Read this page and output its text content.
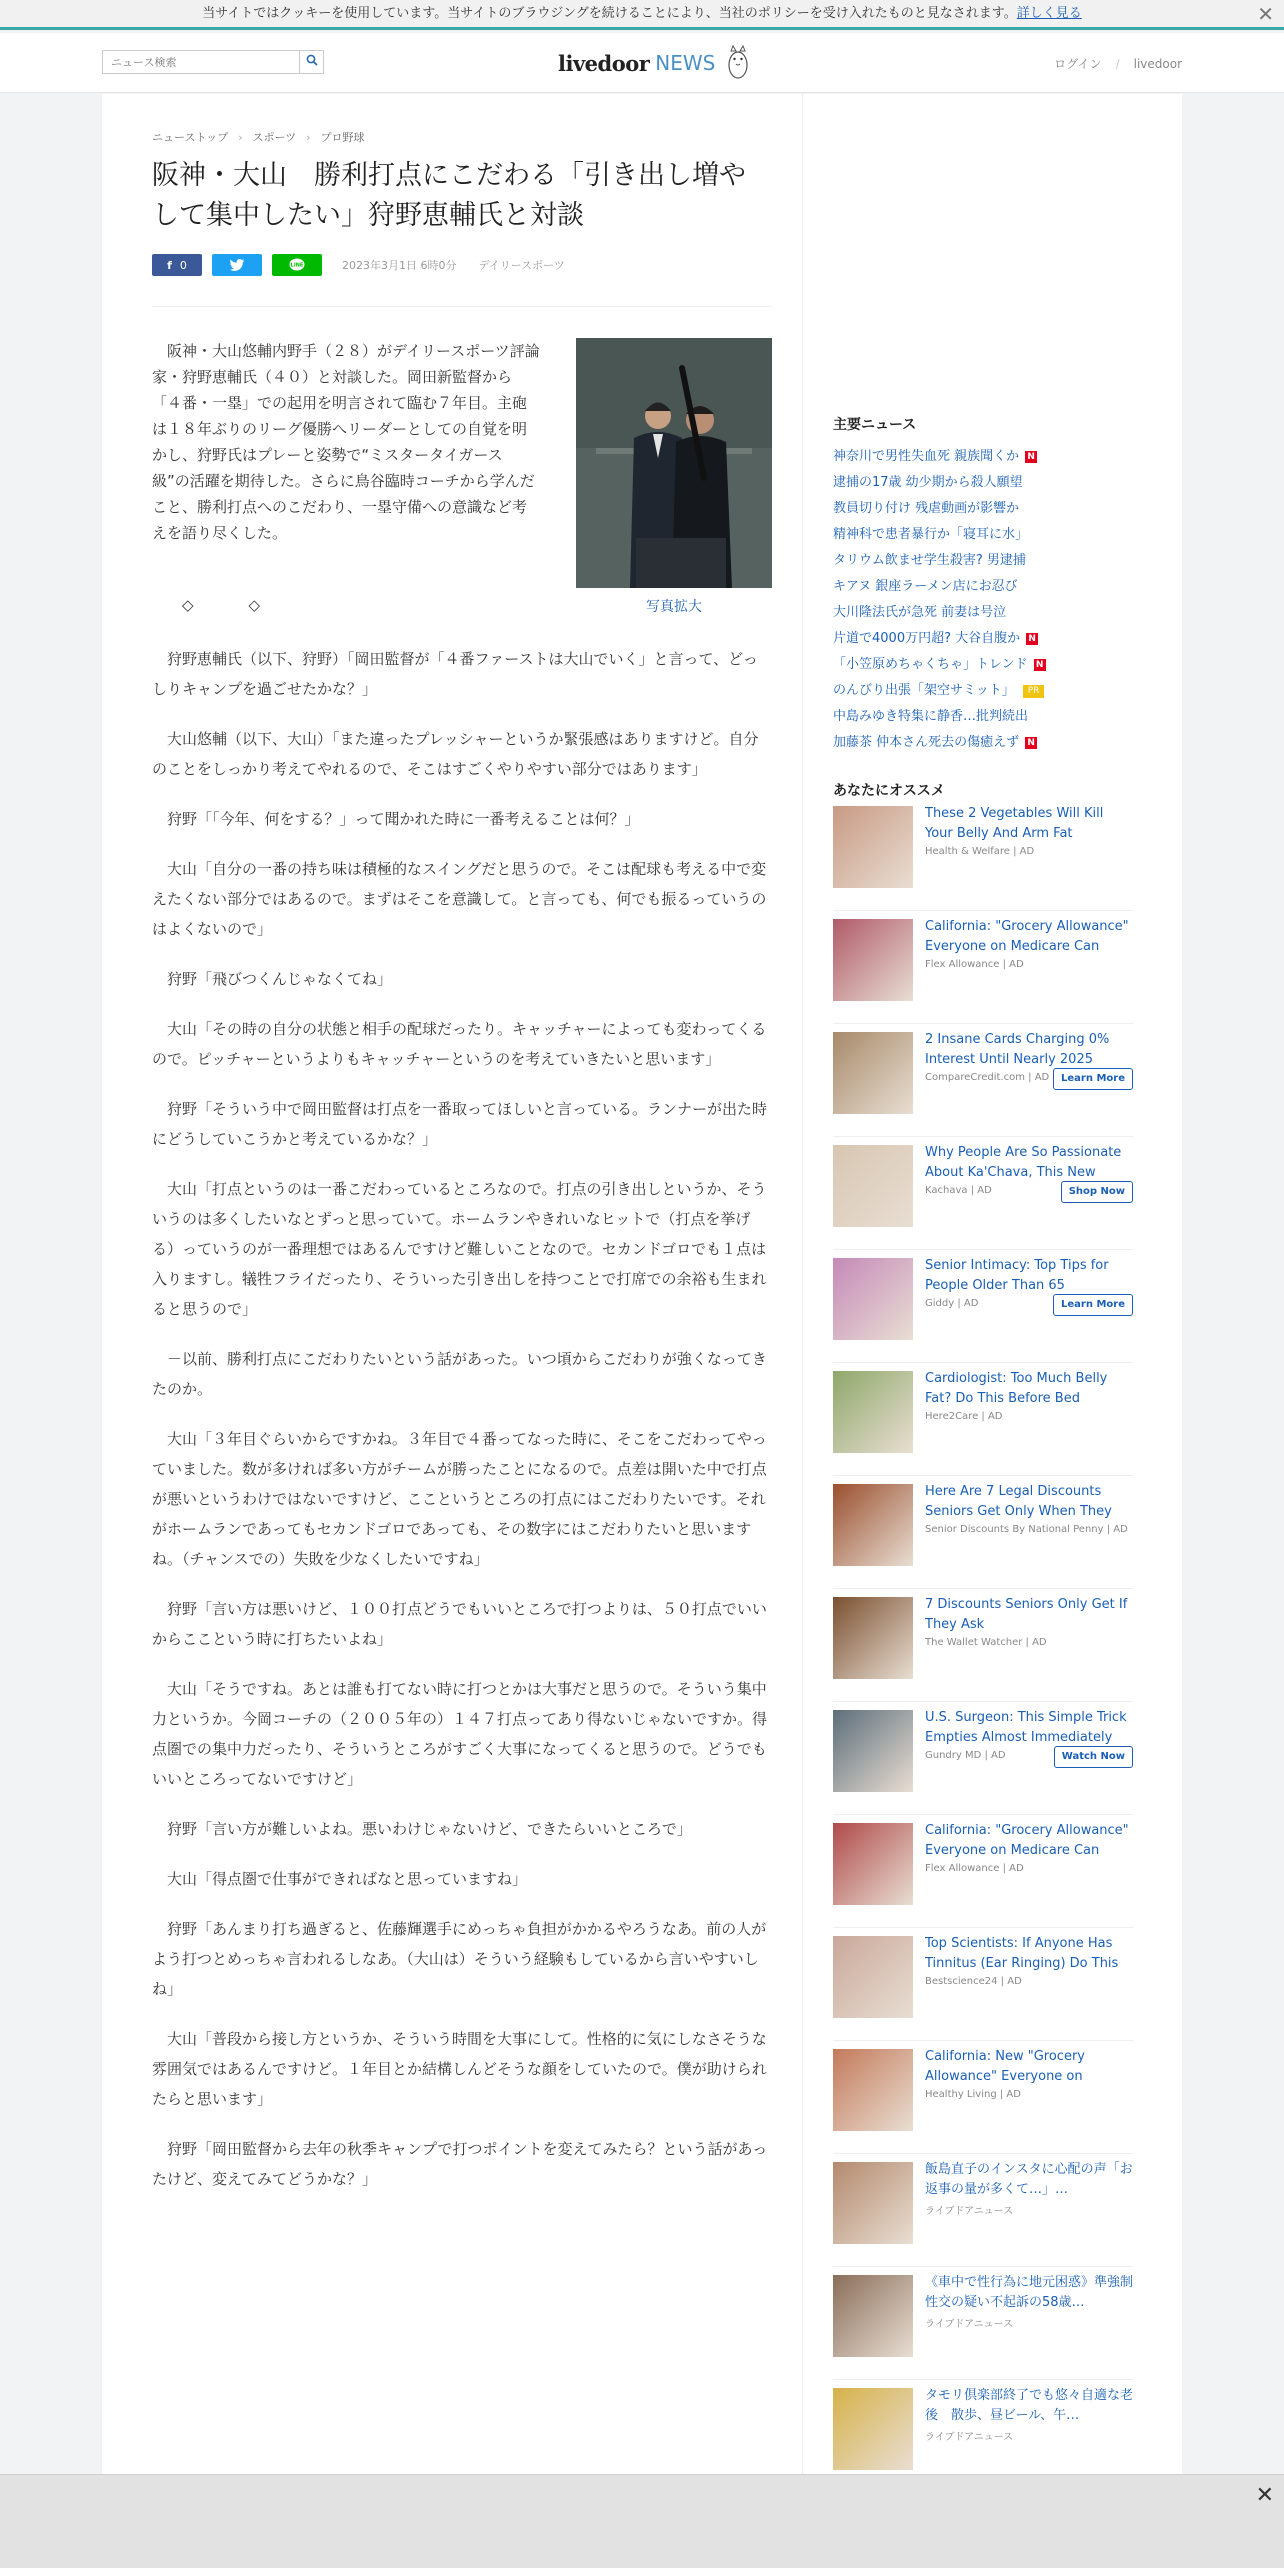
当サイトではクッキーを使用しています。当サイトのブラウジングを続けることにより、当社のポリシーを受け入れたものと見なされます。詳しく見る	✕
ニュース検索
livedoor NEWS	ログイン / livedoor
ニューストップ › スポーツ › プロ野球
阪神・大山　勝利打点にこだわる「引き出し増やして集中したい」狩野恵輔氏と対談
f 0	LINE	2023年3月1日 6時0分 デイリースポーツ

阪神・大山悠輔内野手（２８）がデイリースポーツ評論家・狩野恵輔氏（４０）と対談した。岡田新監督から「４番・一塁」での起用を明言されて臨む７年目。主砲は１８年ぶりのリーグ優勝へリーダーとしての自覚を明かし、狩野氏はプレーと姿勢で“ミスタータイガース級”の活躍を期待した。さらに鳥谷臨時コーチから学んだこと、勝利打点へのこだわり、一塁守備への意識など考えを語り尽くした。

写真拡大
◇　◇

狩野恵輔氏（以下、狩野）「岡田監督が「４番ファーストは大山でいく」と言って、どっしりキャンプを過ごせたかな？」

大山悠輔（以下、大山）「また違ったプレッシャーというか緊張感はありますけど。自分のことをしっかり考えてやれるので、そこはすごくやりやすい部分ではあります」

狩野「「今年、何をする？」って聞かれた時に一番考えることは何？」

大山「自分の一番の持ち味は積極的なスイングだと思うので。そこは配球も考える中で変えたくない部分ではあるので。まずはそこを意識して。と言っても、何でも振るっていうのはよくないので」

狩野「飛びつくんじゃなくてね」

大山「その時の自分の状態と相手の配球だったり。キャッチャーによっても変わってくるので。ピッチャーというよりもキャッチャーというのを考えていきたいと思います」

狩野「そういう中で岡田監督は打点を一番取ってほしいと言っている。ランナーが出た時にどうしていこうかと考えているかな？」

大山「打点というのは一番こだわっているところなので。打点の引き出しというか、そういうのは多くしたいなとずっと思っていて。ホームランやきれいなヒットで（打点を挙げる）っていうのが一番理想ではあるんですけど難しいことなので。セカンドゴロでも１点は入りますし。犠牲フライだったり、そういった引き出しを持つことで打席での余裕も生まれると思うので」

－以前、勝利打点にこだわりたいという話があった。いつ頃からこだわりが強くなってきたのか。

大山「３年目ぐらいからですかね。３年目で４番ってなった時に、そこをこだわってやっていました。数が多ければ多い方がチームが勝ったことになるので。点差は開いた中で打点が悪いというわけではないですけど、ここというところの打点にはこだわりたいです。それがホームランであってもセカンドゴロであっても、その数字にはこだわりたいと思いますね。（チャンスでの）失敗を少なくしたいですね」

狩野「言い方は悪いけど、１００打点どうでもいいところで打つよりは、５０打点でいいからここという時に打ちたいよね」

大山「そうですね。あとは誰も打てない時に打つとかは大事だと思うので。そういう集中力というか。今岡コーチの（２００５年の）１４７打点ってあり得ないじゃないですか。得点圏での集中力だったり、そういうところがすごく大事になってくると思うので。どうでもいいところってないですけど」

狩野「言い方が難しいよね。悪いわけじゃないけど、できたらいいところで」

大山「得点圏で仕事ができればなと思っていますね」

狩野「あんまり打ち過ぎると、佐藤輝選手にめっちゃ負担がかかるやろうなあ。前の人がよう打つとめっちゃ言われるしなあ。（大山は）そういう経験もしているから言いやすいしね」

大山「普段から接し方というか、そういう時間を大事にして。性格的に気にしなさそうな雰囲気ではあるんですけど。１年目とか結構しんどそうな顔をしていたので。僕が助けられたらと思います」

狩野「岡田監督から去年の秋季キャンプで打つポイントを変えてみたら？という話があったけど、変えてみてどうかな？」

主要ニュース
神奈川で男性失血死 親族聞くか N
逮捕の17歳 幼少期から殺人願望
教員切り付け 残虐動画が影響か
精神科で患者暴行か「寝耳に水」
タリウム飲ませ学生殺害? 男逮捕
キアヌ 銀座ラーメン店にお忍び
大川隆法氏が急死 前妻は号泣
片道で4000万円超? 大谷自腹か N
「小笠原めちゃくちゃ」トレンド N
のんびり出張「架空サミット」	PR
中島みゆき特集に静香…批判続出
加藤茶 仲本さん死去の傷癒えず N
あなたにオススメ
These 2 Vegetables Will Kill Your Belly And Arm Fat
Health & Welfare | AD
California: "Grocery Allowance" Everyone on Medicare Can
Flex Allowance | AD
2 Insane Cards Charging 0% Interest Until Nearly 2025
CompareCredit.com | AD	Learn More
Why People Are So Passionate About Ka'Chava, This New
Kachava | AD	Shop Now
Senior Intimacy: Top Tips for People Older Than 65
Giddy | AD	Learn More
Cardiologist: Too Much Belly Fat? Do This Before Bed
Here2Care | AD
Here Are 7 Legal Discounts Seniors Get Only When They
Senior Discounts By National Penny | AD
7 Discounts Seniors Only Get If They Ask
The Wallet Watcher | AD
U.S. Surgeon: This Simple Trick Empties Almost Immediately
Gundry MD | AD	Watch Now
California: "Grocery Allowance" Everyone on Medicare Can
Flex Allowance | AD
Top Scientists: If Anyone Has Tinnitus (Ear Ringing) Do This
Bestscience24 | AD
California: New "Grocery Allowance" Everyone on
Healthy Living | AD
飯島直子のインスタに心配の声「お返事の量が多くて…」…
ライブドアニュース
《車中で性行為に地元困惑》準強制性交の疑い不起訴の58歳…
ライブドアニュース
タモリ倶楽部終了でも悠々自適な老後　散歩、昼ビール、午…
ライブドアニュース
✕
